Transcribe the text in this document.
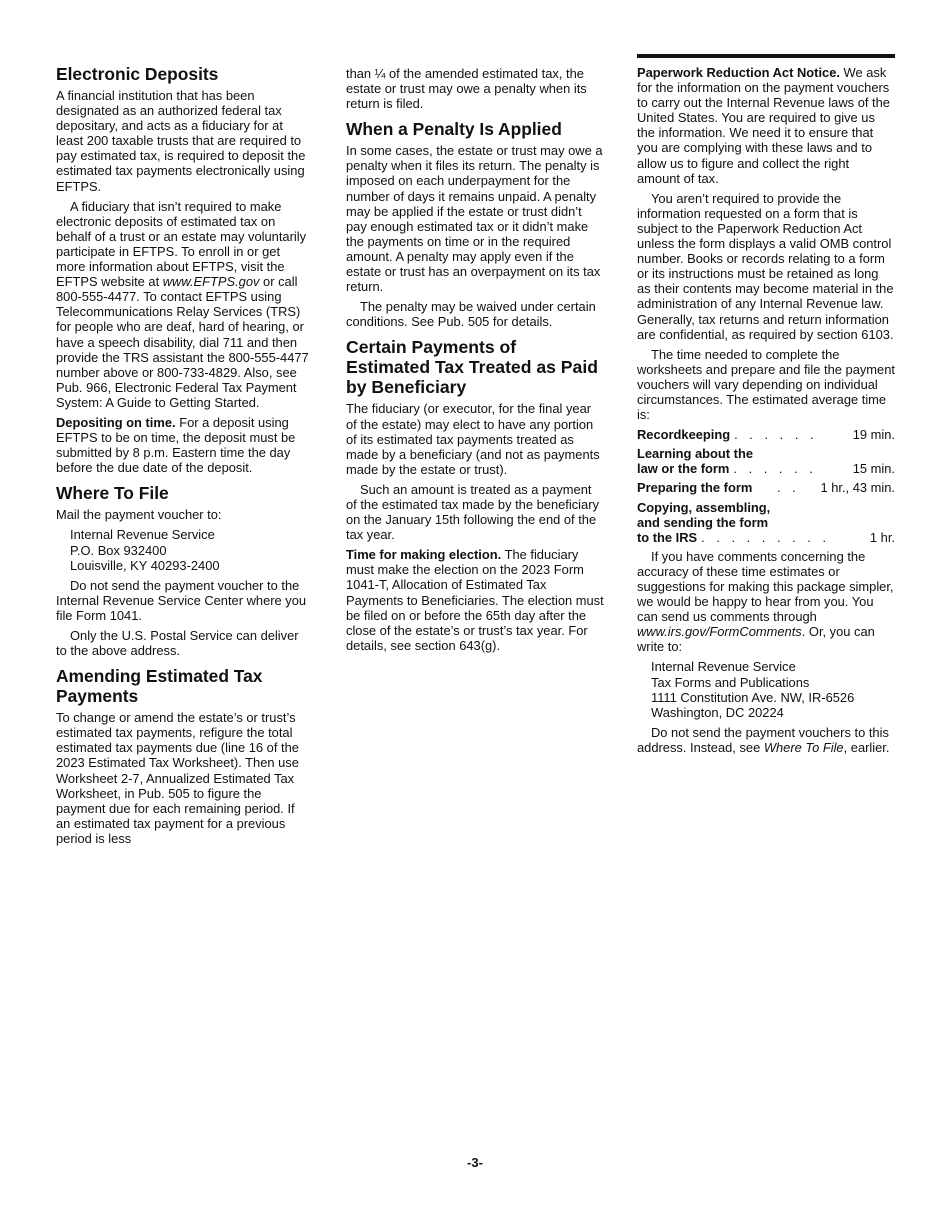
Electronic Deposits

A financial institution that has been designated as an authorized federal tax depositary, and acts as a fiduciary for at least 200 taxable trusts that are required to pay estimated tax, is required to deposit the estimated tax payments electronically using EFTPS.

A fiduciary that isn’t required to make electronic deposits of estimated tax on behalf of a trust or an estate may voluntarily participate in EFTPS. To enroll in or get more information about EFTPS, visit the EFTPS website at www.EFTPS.gov or call 800-555-4477. To contact EFTPS using Telecommunications Relay Services (TRS) for people who are deaf, hard of hearing, or have a speech disability, dial 711 and then provide the TRS assistant the 800-555-4477 number above or 800-733-4829. Also, see Pub. 966, Electronic Federal Tax Payment System: A Guide to Getting Started.

Depositing on time. For a deposit using EFTPS to be on time, the deposit must be submitted by 8 p.m. Eastern time the day before the due date of the deposit.

Where To File

Mail the payment voucher to:

Internal Revenue Service
P.O. Box 932400
Louisville, KY 40293-2400

Do not send the payment voucher to the Internal Revenue Service Center where you file Form 1041.

Only the U.S. Postal Service can deliver to the above address.

Amending Estimated Tax Payments

To change or amend the estate’s or trust’s estimated tax payments, refigure the total estimated tax payments due (line 16 of the 2023 Estimated Tax Worksheet). Then use Worksheet 2-7, Annualized Estimated Tax Worksheet, in Pub. 505 to figure the payment due for each remaining period. If an estimated tax payment for a previous period is less

than ¼ of the amended estimated tax, the estate or trust may owe a penalty when its return is filed.

When a Penalty Is Applied

In some cases, the estate or trust may owe a penalty when it files its return. The penalty is imposed on each underpayment for the number of days it remains unpaid. A penalty may be applied if the estate or trust didn’t pay enough estimated tax or it didn’t make the payments on time or in the required amount. A penalty may apply even if the estate or trust has an overpayment on its tax return.

The penalty may be waived under certain conditions. See Pub. 505 for details.

Certain Payments of Estimated Tax Treated as Paid by Beneficiary

The fiduciary (or executor, for the final year of the estate) may elect to have any portion of its estimated tax payments treated as made by a beneficiary (and not as payments made by the estate or trust).

Such an amount is treated as a payment of the estimated tax made by the beneficiary on the January 15th following the end of the tax year.

Time for making election. The fiduciary must make the election on the 2023 Form 1041-T, Allocation of Estimated Tax Payments to Beneficiaries. The election must be filed on or before the 65th day after the close of the estate’s or trust’s tax year. For details, see section 643(g).

Paperwork Reduction Act Notice. We ask for the information on the payment vouchers to carry out the Internal Revenue laws of the United States. You are required to give us the information. We need it to ensure that you are complying with these laws and to allow us to figure and collect the right amount of tax.

You aren’t required to provide the information requested on a form that is subject to the Paperwork Reduction Act unless the form displays a valid OMB control number. Books or records relating to a form or its instructions must be retained as long as their contents may become material in the administration of any Internal Revenue law. Generally, tax returns and return information are confidential, as required by section 6103.

The time needed to complete the worksheets and prepare and file the payment vouchers will vary depending on individual circumstances. The estimated average time is:

Recordkeeping . . . . . .	19 min.
Learning about the
law or the form . . . . . .	15 min.
Preparing the form	. .	1 hr., 43 min.
Copying, assembling,
and sending the form
to the IRS . . . . . . . . .	1 hr.

If you have comments concerning the accuracy of these time estimates or suggestions for making this package simpler, we would be happy to hear from you. You can send us comments through www.irs.gov/FormComments. Or, you can write to:

Internal Revenue Service
Tax Forms and Publications
1111 Constitution Ave. NW, IR-6526
Washington, DC 20224

Do not send the payment vouchers to this address. Instead, see Where To File, earlier.

-3-
